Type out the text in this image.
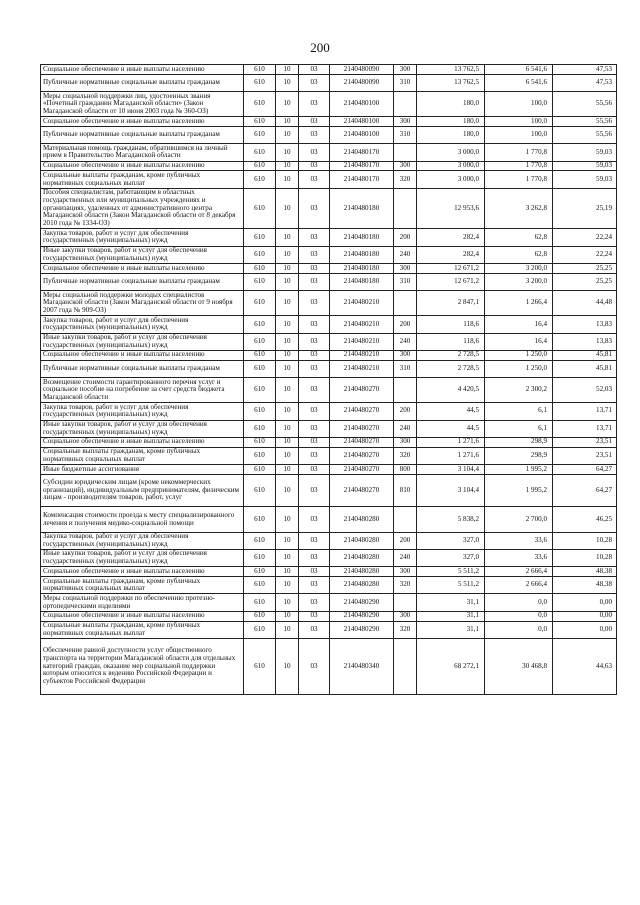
200
Социальное обеспечение и иные выплаты населению	610	10	03	2140480090	300	13 762,5	6 541,6	47,53
Публичные нормативные социальные выплаты гражданам	610	10	03	2140480090	310	13 762,5	6 541,6	47,53
Меры социальной поддержки лиц, удостоенных звания «Почетный гражданин Магаданской области» (Закон Магаданской области от 10 июня 2003 года № 360-ОЗ)	610	10	03	2140480100		180,0	100,0	55,56
Социальное обеспечение и иные выплаты населению	610	10	03	2140480100	300	180,0	100,0	55,56
Публичные нормативные социальные выплаты гражданам	610	10	03	2140480100	310	180,0	100,0	55,56
Материальная помощь гражданам, обратившимся на личный прием в Правительство Магаданской области	610	10	03	2140480170		3 000,0	1 770,8	59,03
Социальное обеспечение и иные выплаты населению	610	10	03	2140480170	300	3 000,0	1 770,8	59,03
Социальные выплаты гражданам, кроме публичных нормативных социальных выплат	610	10	03	2140480170	320	3 000,0	1 770,8	59,03
Пособия специалистам, работающим в областных государственных или муниципальных учреждениях и организациях, удаленных от административного центра Магаданской области (Закон Магаданской области от 8 декабря 2010 года № 1334-ОЗ)	610	10	03	2140480180		12 953,6	3 262,8	25,19
Закупка товаров, работ и услуг для обеспечения государственных (муниципальных) нужд	610	10	03	2140480180	200	282,4	62,8	22,24
Иные закупки товаров, работ и услуг для обеспечения государственных (муниципальных) нужд	610	10	03	2140480180	240	282,4	62,8	22,24
Социальное обеспечение и иные выплаты населению	610	10	03	2140480180	300	12 671,2	3 200,0	25,25
Публичные нормативные социальные выплаты гражданам	610	10	03	2140480180	310	12 671,2	3 200,0	25,25
Меры социальной поддержки молодых специалистов Магаданской области (Закон Магаданской области от 9 ноября 2007 года № 909-ОЗ)	610	10	03	2140480210		2 847,1	1 266,4	44,48
Закупка товаров, работ и услуг для обеспечения государственных (муниципальных) нужд	610	10	03	2140480210	200	118,6	16,4	13,83
Иные закупки товаров, работ и услуг для обеспечения государственных (муниципальных) нужд	610	10	03	2140480210	240	118,6	16,4	13,83
Социальное обеспечение и иные выплаты населению	610	10	03	2140480210	300	2 728,5	1 250,0	45,81
Публичные нормативные социальные выплаты гражданам	610	10	03	2140480210	310	2 728,5	1 250,0	45,81
Возмещение стоимости гарантированного перечня услуг и социальное пособие на погребение за счет средств бюджета Магаданской области	610	10	03	2140480270		4 420,5	2 300,2	52,03
Закупка товаров, работ и услуг для обеспечения государственных (муниципальных) нужд	610	10	03	2140480270	200	44,5	6,1	13,71
Иные закупки товаров, работ и услуг для обеспечения государственных (муниципальных) нужд	610	10	03	2140480270	240	44,5	6,1	13,71
Социальное обеспечение и иные выплаты населению	610	10	03	2140480270	300	1 271,6	298,9	23,51
Социальные выплаты гражданам, кроме публичных нормативных социальных выплат	610	10	03	2140480270	320	1 271,6	298,9	23,51
Иные бюджетные ассигнования	610	10	03	2140480270	800	3 104,4	1 995,2	64,27
Субсидии юридическим лицам (кроме некоммерческих организаций), индивидуальным предпринимателям, физическим лицам - производителям товаров, работ, услуг	610	10	03	2140480270	810	3 104,4	1 995,2	64,27
Компенсация стоимости проезда к месту специализированного лечения и получения медико-социальной помощи	610	10	03	2140480280		5 838,2	2 700,0	46,25
Закупка товаров, работ и услуг для обеспечения государственных (муниципальных) нужд	610	10	03	2140480280	200	327,0	33,6	10,28
Иные закупки товаров, работ и услуг для обеспечения государственных (муниципальных) нужд	610	10	03	2140480280	240	327,0	33,6	10,28
Социальное обеспечение и иные выплаты населению	610	10	03	2140480280	300	5 511,2	2 666,4	48,38
Социальные выплаты гражданам, кроме публичных нормативных социальных выплат	610	10	03	2140480280	320	5 511,2	2 666,4	48,38
Меры социальной поддержки по обеспечению протезно-ортопедическими изделиями	610	10	03	2140480290		31,1	0,0	0,00
Социальное обеспечение и иные выплаты населению	610	10	03	2140480290	300	31,1	0,0	0,00
Социальные выплаты гражданам, кроме публичных нормативных социальных выплат	610	10	03	2140480290	320	31,1	0,0	0,00
Обеспечение равной доступности услуг общественного транспорта на территории Магаданской области для отдельных категорий граждан, оказание мер социальной поддержки которым относится к ведению Российской Федерации и субъектов Российской Федерации	610	10	03	2140480340		68 272,1	30 468,8	44,63
